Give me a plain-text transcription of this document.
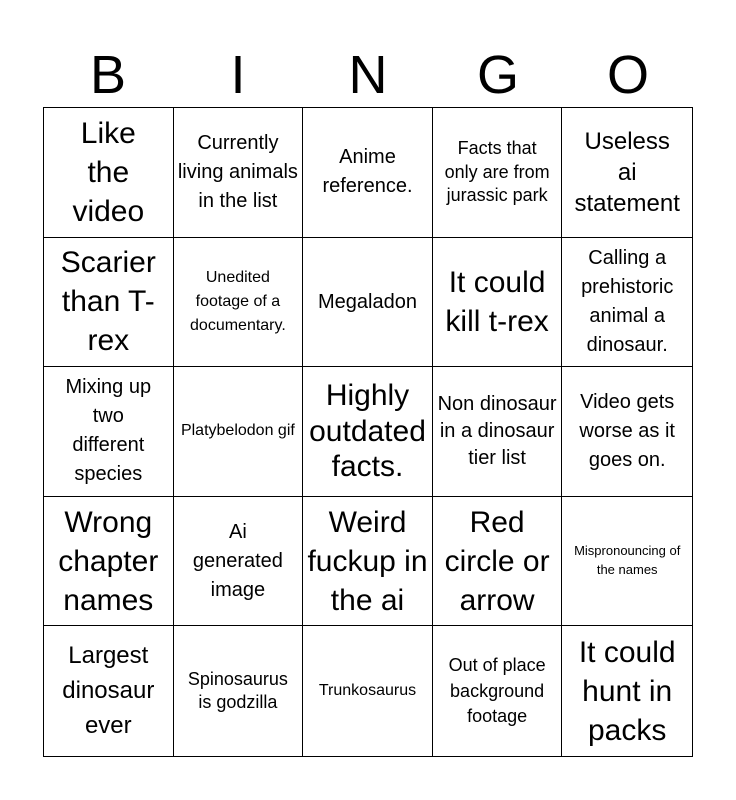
B	I	N	G	O
Like the video
Currently living animals in the list
Anime reference.
Facts that only are from jurassic park
Useless ai statement
Scarier than T-rex
Unedited footage of a documentary.
Megaladon
It could kill t-rex
Calling a prehistoric animal a dinosaur.
Mixing up two different species
Platybelodon gif
Highly outdated facts.
Non dinosaur in a dinosaur tier list
Video gets worse as it goes on.
Wrong chapter names
Ai generated image
Weird fuckup in the ai
Red circle or arrow
Mispronouncing of the names
Largest dinosaur ever
Spinosaurus is godzilla
Trunkosaurus
Out of place background footage
It could hunt in packs
